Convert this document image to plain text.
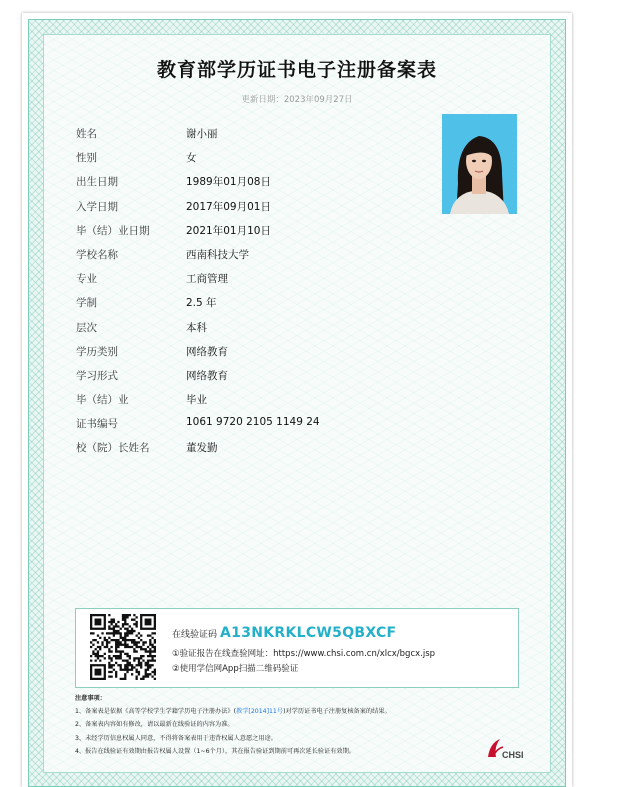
教育部学历证书电子注册备案表
更新日期：2023年09月27日
姓名	谢小丽
性别	女
出生日期	1989年01月08日
入学日期	2017年09月01日
毕（结）业日期	2021年01月10日
学校名称	西南科技大学
专业	工商管理
学制	2.5 年
层次	本科
学历类别	网络教育
学习形式	网络教育
毕（结）业	毕业
证书编号	1061 9720 2105 1149 24
校（院）长姓名	董发勤
在线验证码 A13NKRKLCW5QBXCF
①验证报告在线查验网址：https://www.chsi.com.cn/xlcx/bgcx.jsp
②使用学信网App扫描二维码验证
注意事项：
1、备案表是依据《高等学校学生学籍学历电子注册办法》(教学[2014]11号)对学历证书电子注册复核备案的结果。
2、备案表内容如有修改，请以最新在线验证的内容为准。
3、未经学历信息权属人同意，不得将备案表用于违背权属人意愿之用途。
4、报告在线验证有效期由报告权属人设置（1~6个月），其在报告验证到期前可再次延长验证有效期。	CHSI
